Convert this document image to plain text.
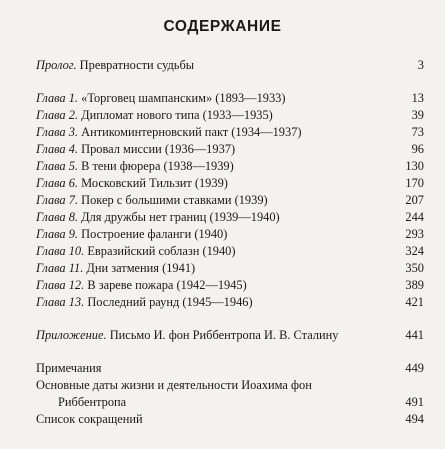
СОДЕРЖАНИЕ
Пролог. Превратности судьбы	3
Глава 1. «Торговец шампанским» (1893—1933)	13
Глава 2. Дипломат нового типа (1933—1935)	39
Глава 3. Антикоминтерновский пакт (1934—1937)	73
Глава 4. Провал миссии (1936—1937)	96
Глава 5. В тени фюрера (1938—1939)	130
Глава 6. Московский Тильзит (1939)	170
Глава 7. Покер с большими ставками (1939)	207
Глава 8. Для дружбы нет границ (1939—1940)	244
Глава 9. Построение фаланги (1940)	293
Глава 10. Евразийский соблазн (1940)	324
Глава 11. Дни затмения (1941)	350
Глава 12. В зареве пожара (1942—1945)	389
Глава 13. Последний раунд (1945—1946)	421
Приложение. Письмо И. фон Риббентропа И. В. Сталину	441
Примечания	449
Основные даты жизни и деятельности Иоахима фон
Риббентропа	491
Список сокращений	494
